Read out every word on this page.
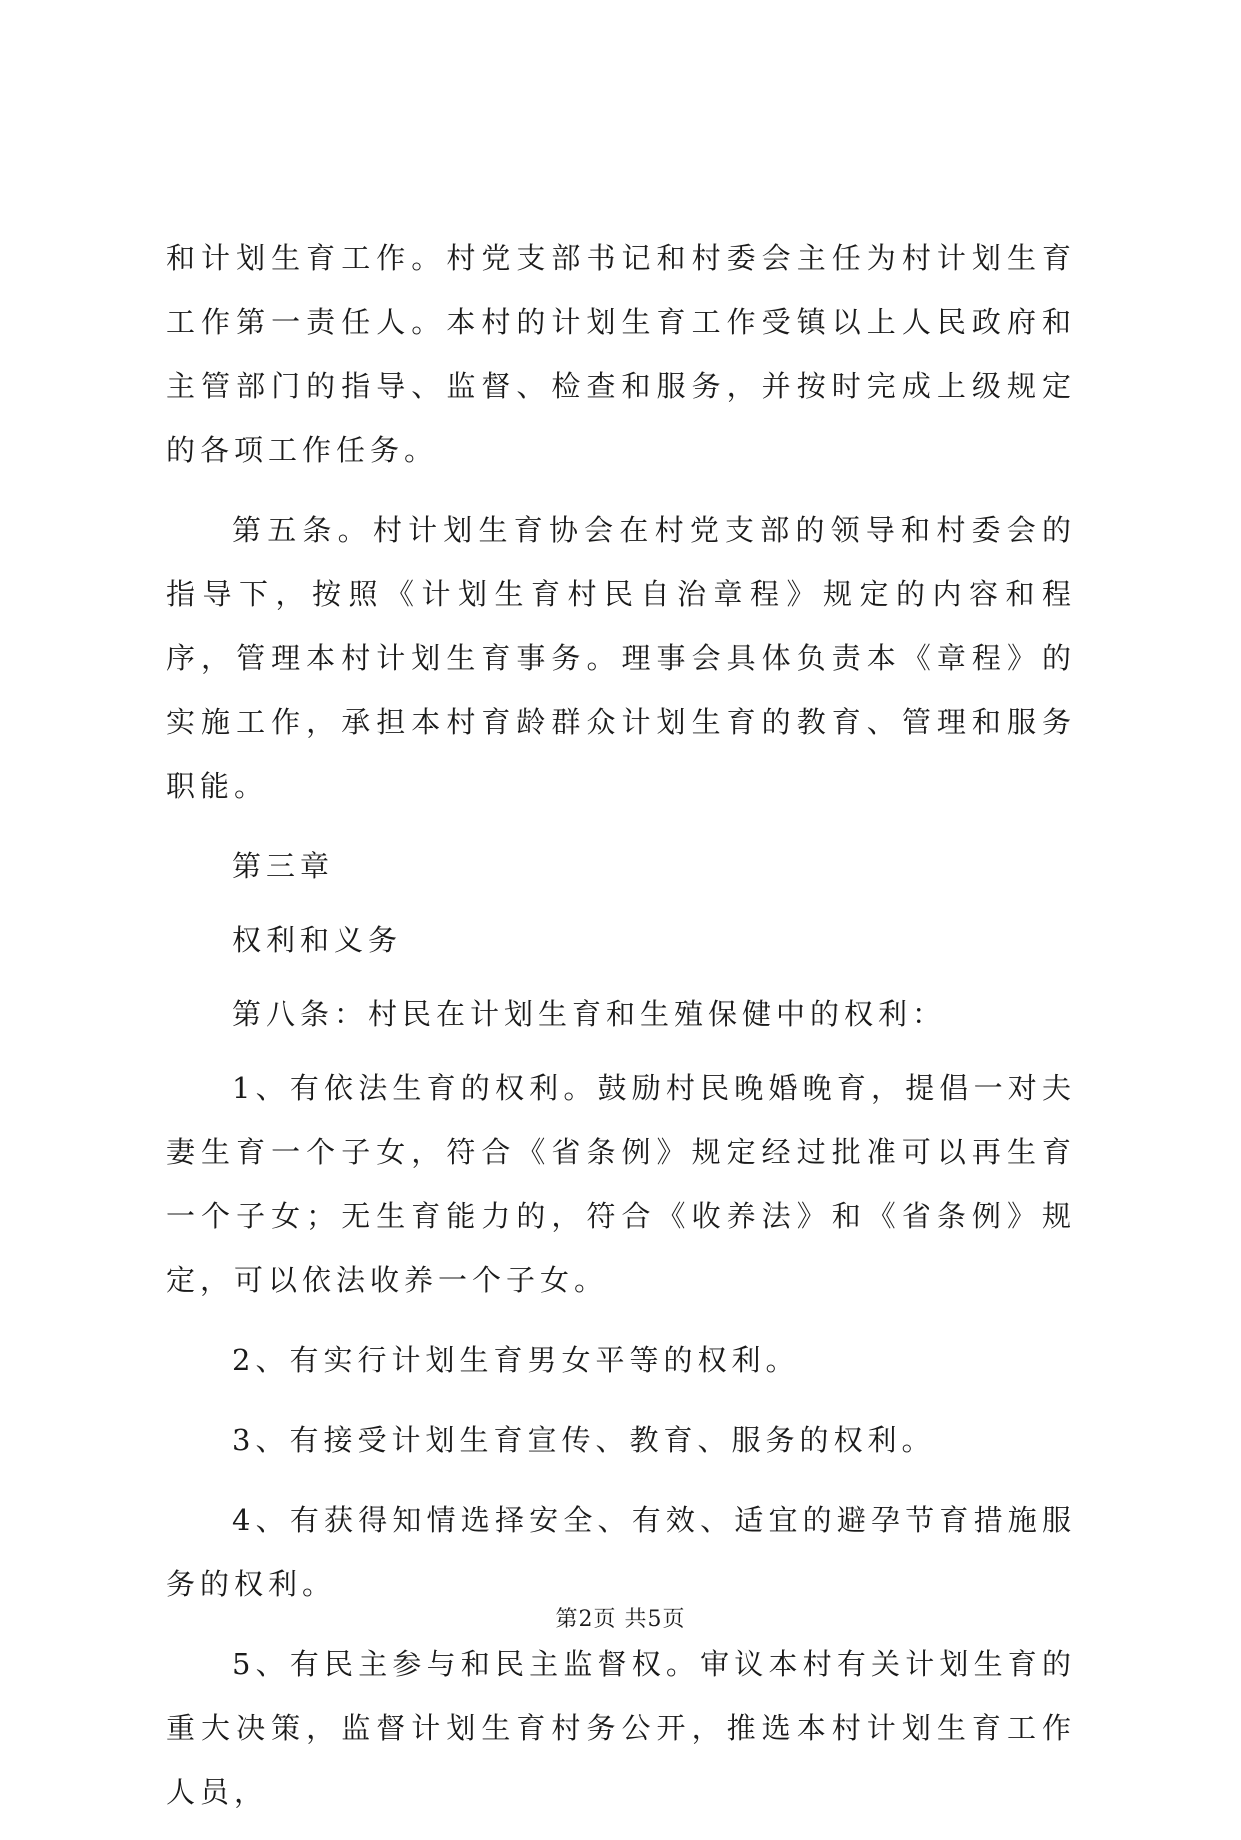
和计划生育工作。村党支部书记和村委会主任为村计划生育工作第一责任人。本村的计划生育工作受镇以上人民政府和主管部门的指导、监督、检查和服务，并按时完成上级规定的各项工作任务。

第五条。村计划生育协会在村党支部的领导和村委会的指导下，按照《计划生育村民自治章程》规定的内容和程序，管理本村计划生育事务。理事会具体负责本《章程》的实施工作，承担本村育龄群众计划生育的教育、管理和服务职能。

第三章

权利和义务

第八条：村民在计划生育和生殖保健中的权利：

1、有依法生育的权利。鼓励村民晚婚晚育，提倡一对夫妻生育一个子女，符合《省条例》规定经过批准可以再生育一个子女；无生育能力的，符合《收养法》和《省条例》规定，可以依法收养一个子女。

2、有实行计划生育男女平等的权利。

3、有接受计划生育宣传、教育、服务的权利。

4、有获得知情选择安全、有效、适宜的避孕节育措施服务的权利。

5、有民主参与和民主监督权。审议本村有关计划生育的重大决策，监督计划生育村务公开，推选本村计划生育工作人员，

第2页 共5页
